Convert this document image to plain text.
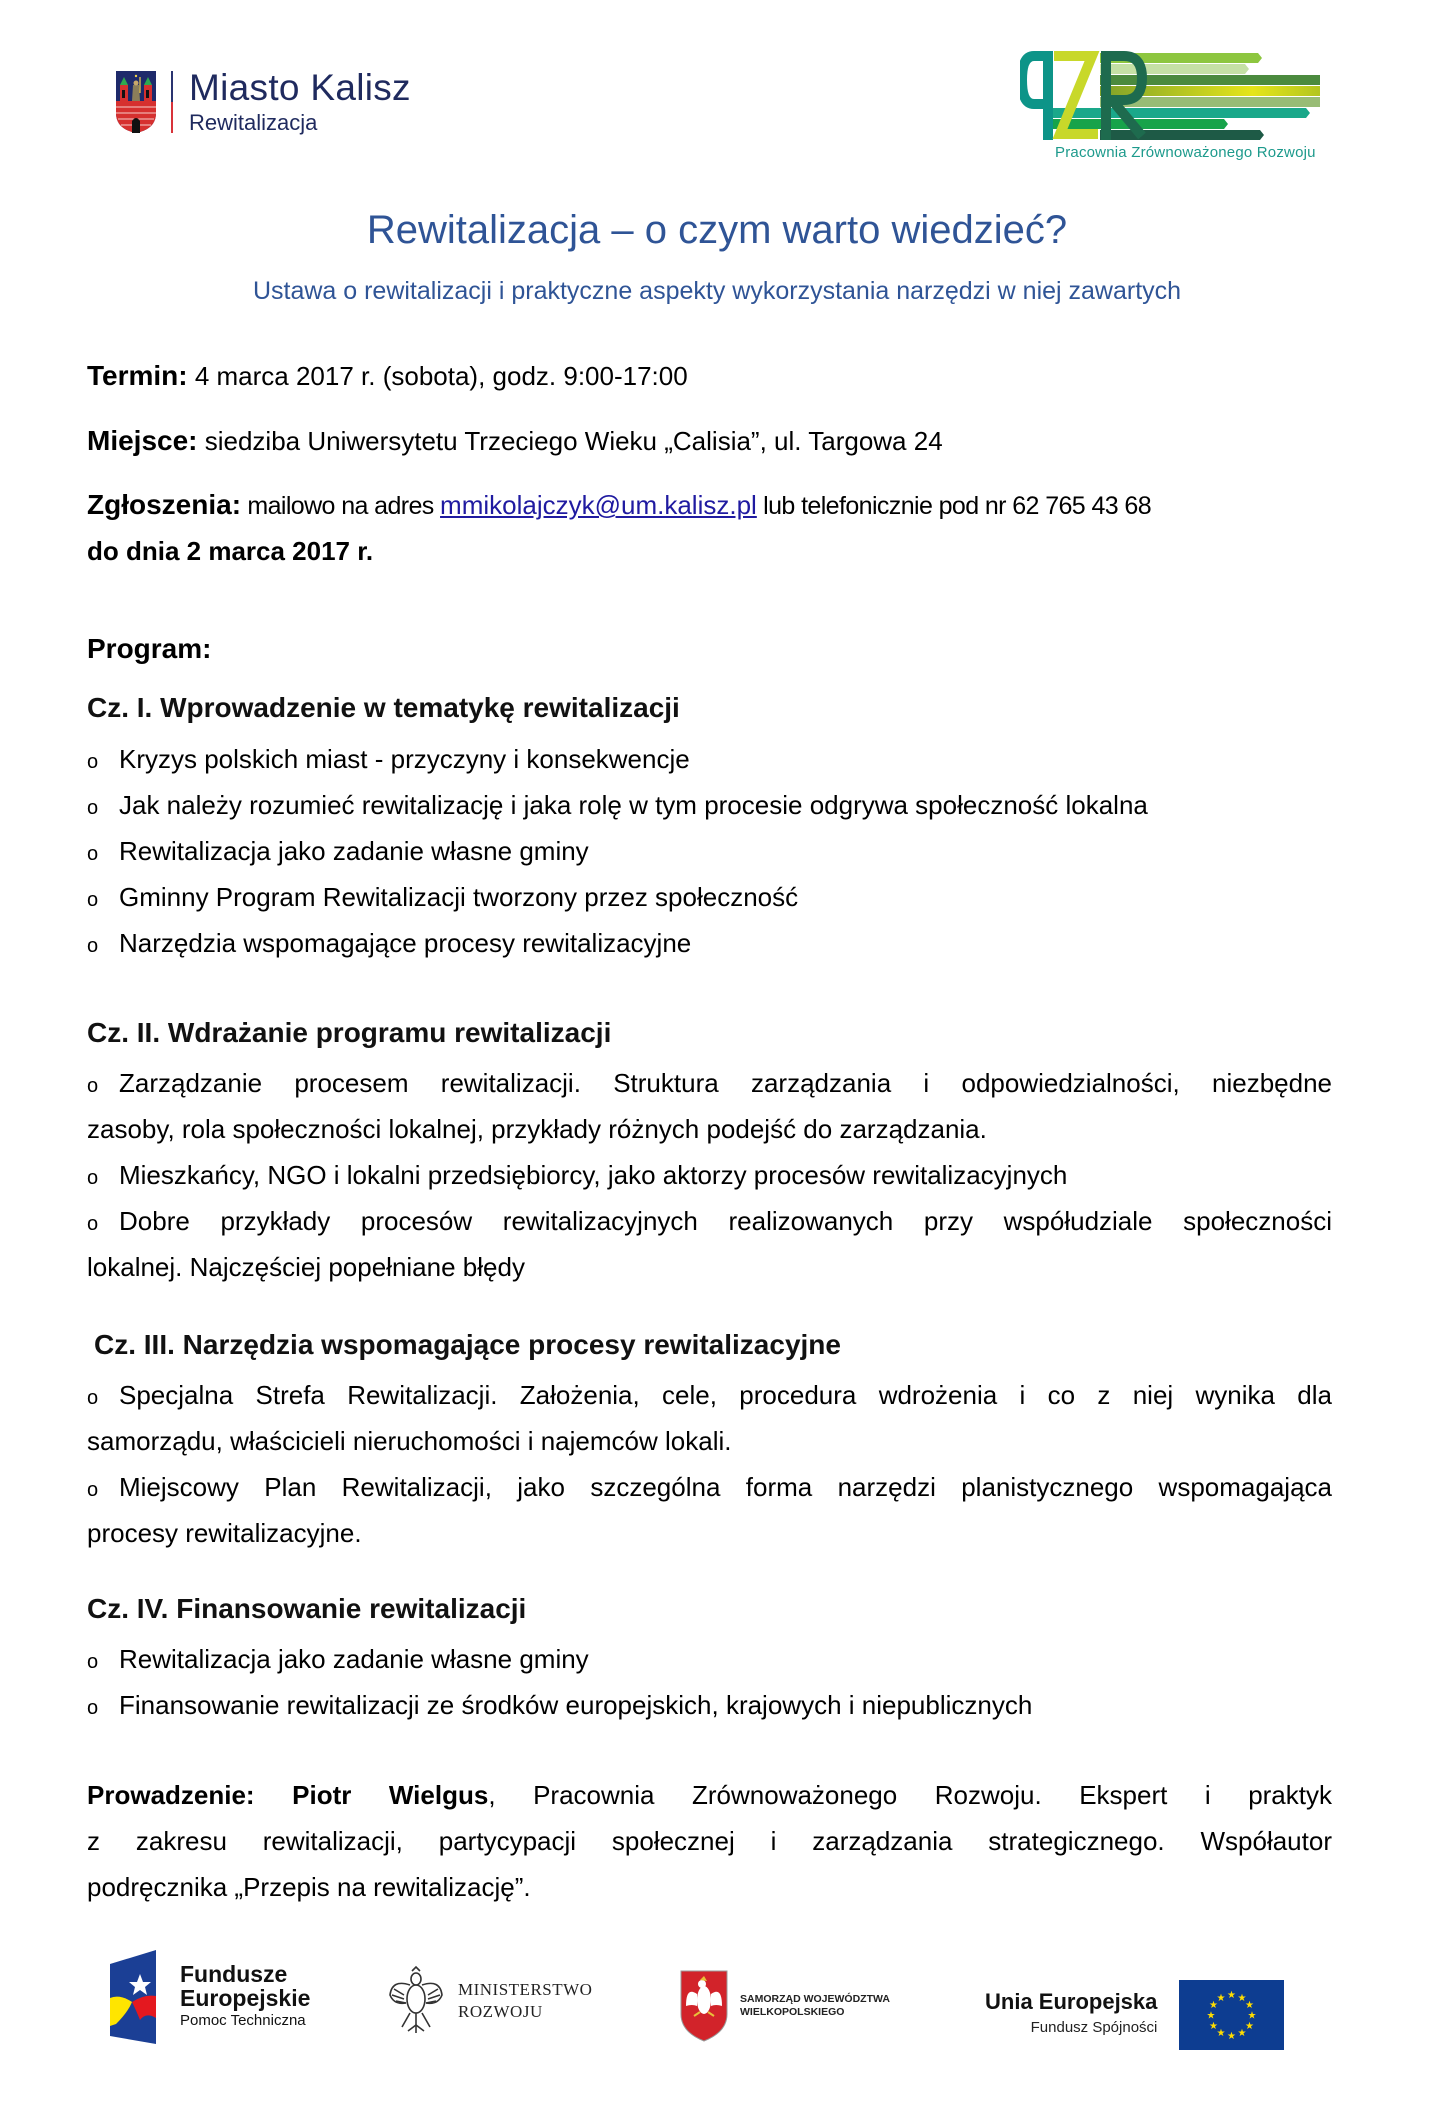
Miasto Kalisz
Rewitalizacja
Pracownia Zrównoważonego Rozwoju
Rewitalizacja – o czym warto wiedzieć?
Ustawa o rewitalizacji i praktyczne aspekty wykorzystania narzędzi w niej zawartych
Termin: 4 marca 2017 r. (sobota), godz. 9:00-17:00
Miejsce: siedziba Uniwersytetu Trzeciego Wieku „Calisia”, ul. Targowa 24
Zgłoszenia: mailowo na adres mmikolajczyk@um.kalisz.pl lub telefonicznie pod nr 62 765 43 68
do dnia 2 marca 2017 r.
Program:
Cz. I. Wprowadzenie w tematykę rewitalizacji
o Kryzys polskich miast - przyczyny i konsekwencje
o Jak należy rozumieć rewitalizację i jaka rolę w tym procesie odgrywa społeczność lokalna
o Rewitalizacja jako zadanie własne gminy
o Gminny Program Rewitalizacji tworzony przez społeczność
o Narzędzia wspomagające procesy rewitalizacyjne
Cz. II. Wdrażanie programu rewitalizacji
o Zarządzanie procesem rewitalizacji. Struktura zarządzania i odpowiedzialności, niezbędne
zasoby, rola społeczności lokalnej, przykłady różnych podejść do zarządzania.
o Mieszkańcy, NGO i lokalni przedsiębiorcy, jako aktorzy procesów rewitalizacyjnych
o Dobre przykłady procesów rewitalizacyjnych realizowanych przy współudziale społeczności
lokalnej. Najczęściej popełniane błędy
Cz. III. Narzędzia wspomagające procesy rewitalizacyjne
o Specjalna Strefa Rewitalizacji. Założenia, cele, procedura wdrożenia i co z niej wynika dla
samorządu, właścicieli nieruchomości i najemców lokali.
o Miejscowy Plan Rewitalizacji, jako szczególna forma narzędzi planistycznego wspomagająca
procesy rewitalizacyjne.
Cz. IV. Finansowanie rewitalizacji
o Rewitalizacja jako zadanie własne gminy
o Finansowanie rewitalizacji ze środków europejskich, krajowych i niepublicznych
Prowadzenie: Piotr Wielgus, Pracownia Zrównoważonego Rozwoju. Ekspert i praktyk
z zakresu rewitalizacji, partycypacji społecznej i zarządzania strategicznego. Współautor
podręcznika „Przepis na rewitalizację”.
Fundusze
Europejskie
Pomoc Techniczna
MINISTERSTWO
ROZWOJU
SAMORZĄD WOJEWÓDZTWA
WIELKOPOLSKIEGO	Unia Europejska
Fundusz Spójności
★ ★
★
★
★
★
★
★
★
★
★
★
